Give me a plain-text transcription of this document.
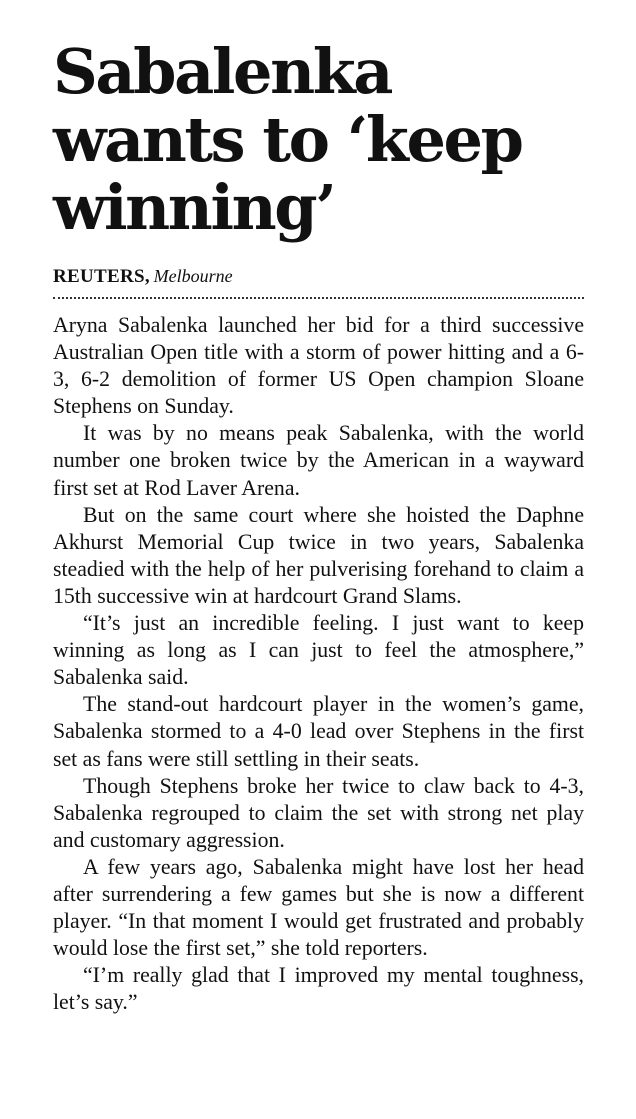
Sabalenka wants to ‘keep winning’
REUTERS, Melbourne

Aryna Sabalenka launched her bid for a third successive Australian Open title with a storm of power hitting and a 6-3, 6-2 demolition of former US Open champion Sloane Stephens on Sunday.

It was by no means peak Sabalenka, with the world number one broken twice by the American in a wayward first set at Rod Laver Arena.

But on the same court where she hoisted the Daphne Akhurst Memorial Cup twice in two years, Sabalenka steadied with the help of her pulverising forehand to claim a 15th successive win at hardcourt Grand Slams.

“It’s just an incredible feeling. I just want to keep winning as long as I can just to feel the atmosphere,” Sabalenka said.

The stand-out hardcourt player in the women’s game, Sabalenka stormed to a 4-0 lead over Stephens in the first set as fans were still settling in their seats.

Though Stephens broke her twice to claw back to 4-3, Sabalenka regrouped to claim the set with strong net play and customary aggression.

A few years ago, Sabalenka might have lost her head after surrendering a few games but she is now a different player. “In that moment I would get frustrated and probably would lose the first set,” she told reporters.

“I’m really glad that I improved my mental toughness, let’s say.”
